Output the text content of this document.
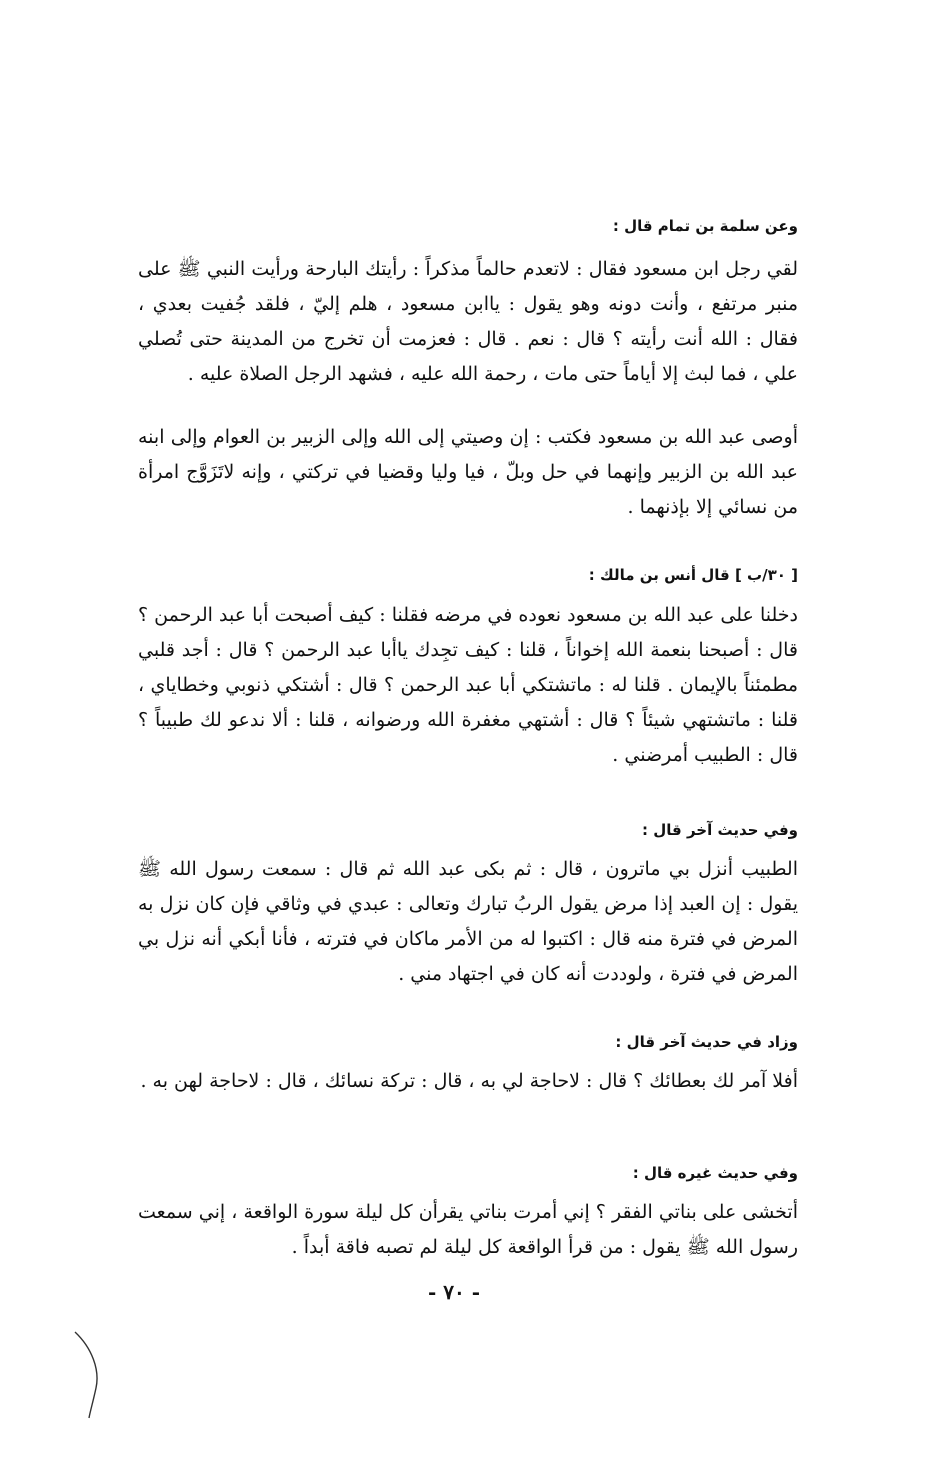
وعن سلمة بن تمام قال :
لقي رجل ابن مسعود فقال : لاتعدم حالماً مذكراً : رأيتك البارحة ورأيت النبي ﷺ على منبر مرتفع ، وأنت دونه وهو يقول : ياابن مسعود ، هلم إليّ ، فلقد جُفيت بعدي ، فقال : الله أنت رأيته ؟ قال : نعم . قال : فعزمت أن تخرج من المدينة حتى تُصلي علي ، فما لبث إلا أياماً حتى مات ، رحمة الله عليه ، فشهد الرجل الصلاة عليه .
أوصى عبد الله بن مسعود فكتب : إن وصيتي إلى الله وإلى الزبير بن العوام وإلى ابنه عبد الله بن الزبير وإنهما في حل وبلّ ، فيا وليا وقضيا في تركتي ، وإنه لاتَزَوَّج امرأة من نسائي إلا بإذنهما .
[ ٣٠/ب ] قال أنس بن مالك :
دخلنا على عبد الله بن مسعود نعوده في مرضه فقلنا : كيف أصبحت أبا عبد الرحمن ؟ قال : أصبحنا بنعمة الله إخواناً ، قلنا : كيف تجِدك ياأبا عبد الرحمن ؟ قال : أجد قلبي مطمئناً بالإيمان . قلنا له : ماتشتكي أبا عبد الرحمن ؟ قال : أشتكي ذنوبي وخطاياي ، قلنا : ماتشتهي شيئاً ؟ قال : أشتهي مغفرة الله ورضوانه ، قلنا : ألا ندعو لك طبيباً ؟ قال : الطبيب أمرضني .
وفي حديث آخر قال :
الطبيب أنزل بي ماترون ، قال : ثم بكى عبد الله ثم قال : سمعت رسول الله ﷺ يقول : إن العبد إذا مرض يقول الربُ تبارك وتعالى : عبدي في وثاقي فإن كان نزل به المرض في فترة منه قال : اكتبوا له من الأمر ماكان في فترته ، فأنا أبكي أنه نزل بي المرض في فترة ، ولوددت أنه كان في اجتهاد مني .
وزاد في حديث آخر قال :
أفلا آمر لك بعطائك ؟ قال : لاحاجة لي به ، قال : تركة نسائك ، قال : لاحاجة لهن به .
وفي حديث غيره قال :
أتخشى على بناتي الفقر ؟ إني أمرت بناتي يقرأن كل ليلة سورة الواقعة ، إني سمعت رسول الله ﷺ يقول : من قرأ الواقعة كل ليلة لم تصبه فاقة أبداً .
- ٧٠ -
